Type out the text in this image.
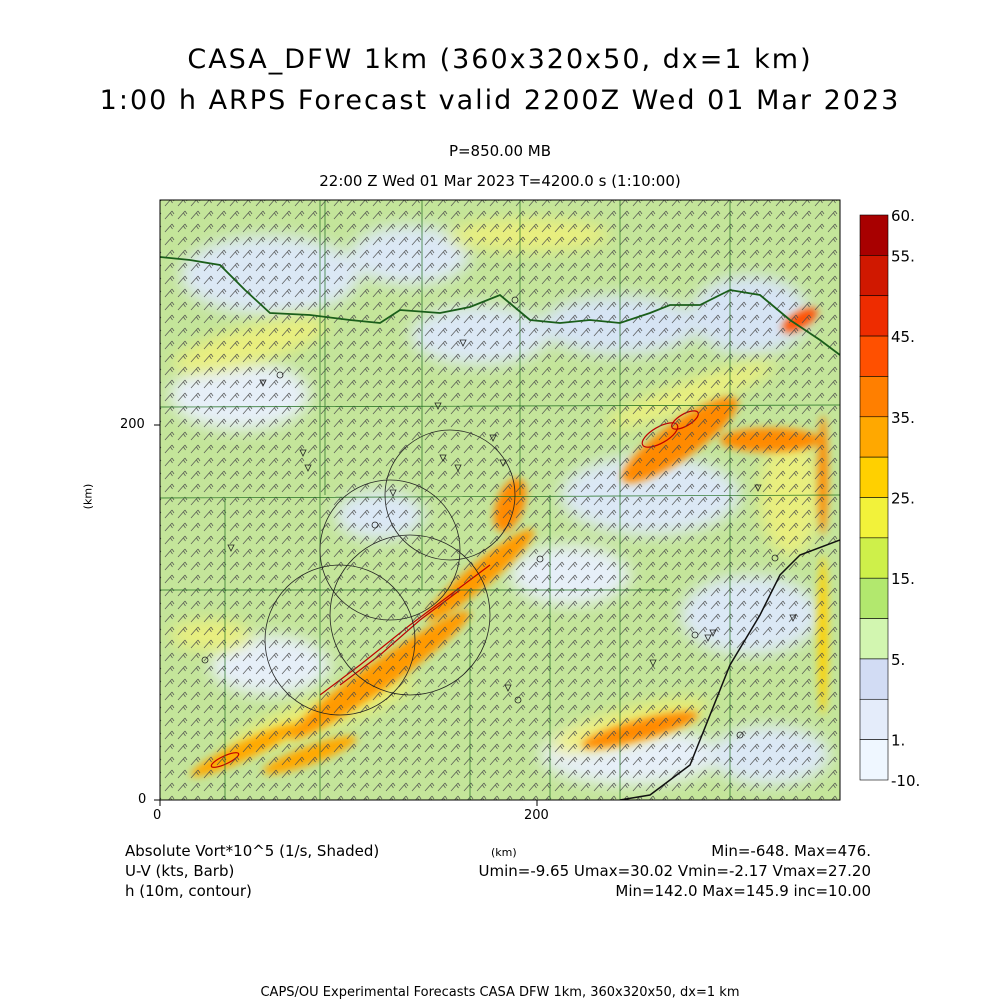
CASA_DFW 1km (360x320x50, dx=1 km)
1:00 h ARPS Forecast valid 2200Z Wed 01 Mar 2023
P=850.00 MB
22:00 Z Wed 01 Mar 2023 T=4200.0 s (1:10:00)
0	200
0
200
(km)
(km)
60.
55.
45.
35.
25.
15.
5.
1.
-10.
Absolute Vort*10^5 (1/s, Shaded)
U-V (kts, Barb)
h (10m, contour)
Min=-648. Max=476.
Umin=-9.65 Umax=30.02 Vmin=-2.17 Vmax=27.20
Min=142.0 Max=145.9 inc=10.00
CAPS/OU Experimental Forecasts CASA DFW 1km, 360x320x50, dx=1 km
